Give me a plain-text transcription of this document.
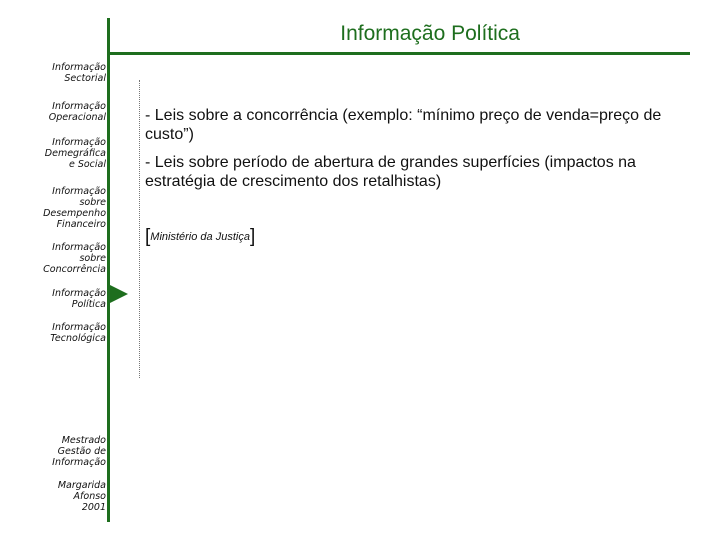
Informação Política
Informação
Sectorial
Informação
Operacional
Informação
Demegráfica
e Social
Informação
sobre
Desempenho
Financeiro
Informação
sobre
Concorrência
Informação
Política
Informação
Tecnológica
Mestrado
Gestão de
Informação
Margarida
Afonso
2001
- Leis sobre a concorrência (exemplo: “mínimo preço de venda=preço de custo”)
- Leis sobre período de abertura de grandes superfícies (impactos na estratégia de crescimento dos retalhistas)
[Ministério da Justiça]
